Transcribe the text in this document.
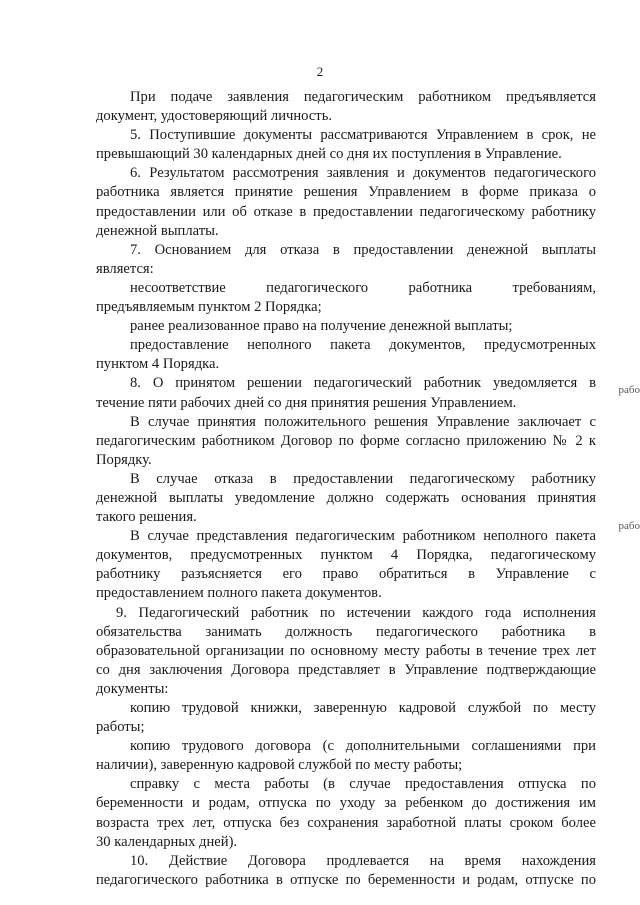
2
При подаче заявления педагогическим работником предъявляется
документ, удостоверяющий личность.
5. Поступившие документы рассматриваются Управлением в срок, не
превышающий 30 календарных дней со дня их поступления в Управление.
6. Результатом рассмотрения заявления и документов педагогического
работника является принятие решения Управлением в форме приказа о
предоставлении или об отказе в предоставлении педагогическому работнику
денежной выплаты.
7. Основанием для отказа в предоставлении денежной выплаты
является:
несоответствие педагогического работника требованиям,
предъявляемым пунктом 2 Порядка;
ранее реализованное право на получение денежной выплаты;
предоставление неполного пакета документов, предусмотренных
пунктом 4 Порядка.
8. О принятом решении педагогический работник уведомляется в
течение пяти рабочих дней со дня принятия решения Управлением.
В случае принятия положительного решения Управление заключает с
педагогическим работником Договор по форме согласно приложению № 2 к
Порядку.
В случае отказа в предоставлении педагогическому работнику
денежной выплаты уведомление должно содержать основания принятия
такого решения.
В случае представления педагогическим работником неполного пакета
документов, предусмотренных пунктом 4 Порядка, педагогическому
работнику разъясняется его право обратиться в Управление с
предоставлением полного пакета документов.
9. Педагогический работник по истечении каждого года исполнения
обязательства занимать должность педагогического работника в
образовательной организации по основному месту работы в течение трех лет
со дня заключения Договора представляет в Управление подтверждающие
документы:
копию трудовой книжки, заверенную кадровой службой по месту
работы;
копию трудового договора (с дополнительными соглашениями при
наличии), заверенную кадровой службой по месту работы;
справку с места работы (в случае предоставления отпуска по
беременности и родам, отпуска по уходу за ребенком до достижения им
возраста трех лет, отпуска без сохранения заработной платы сроком более
30 календарных дней).
10. Действие Договора продлевается на время нахождения
педагогического работника в отпуске по беременности и родам, отпуске по
рабо
рабо
